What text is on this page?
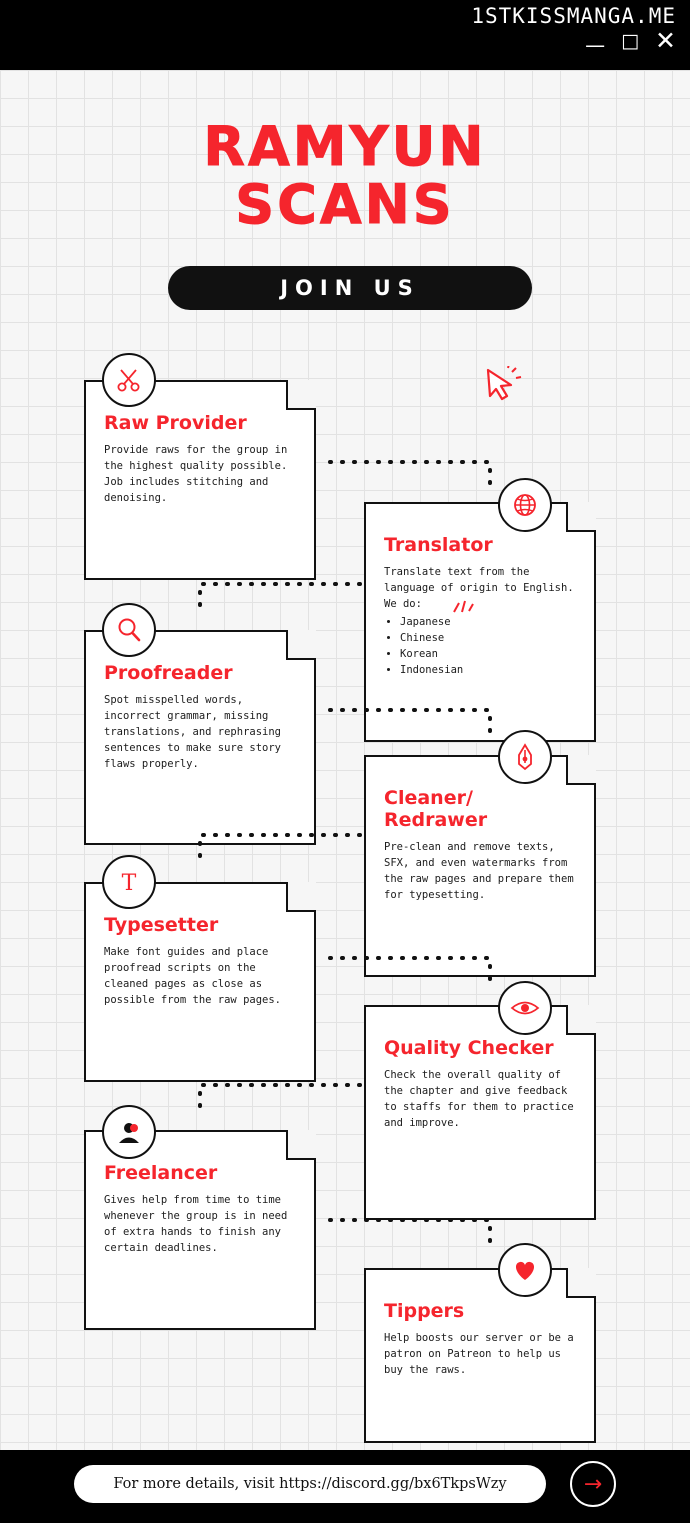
1STKISSMANGA.ME
— □ ✕
RAMYUN
SCANS
JOIN US
Raw Provider

Provide raws for the group in the highest quality possible. Job includes stitching and denoising.

Translator

Translate text from the language of origin to English. We do:

• Japanese
• Chinese
• Korean
• Indonesian
Proofreader

Spot misspelled words, incorrect grammar, missing translations, and rephrasing sentences to make sure story flaws properly.

Cleaner/ Redrawer

Pre-clean and remove texts, SFX, and even watermarks from the raw pages and prepare them for typesetting.

T
Typesetter

Make font guides and place proofread scripts on the cleaned pages as close as possible from the raw pages.

Quality Checker

Check the overall quality of the chapter and give feedback to staffs for them to practice and improve.

Freelancer

Gives help from time to time whenever the group is in need of extra hands to finish any certain deadlines.

Tippers

Help boosts our server or be a patron on Patreon to help us buy the raws.

For more details, visit https://discord.gg/bx6TkpsWzy	→
